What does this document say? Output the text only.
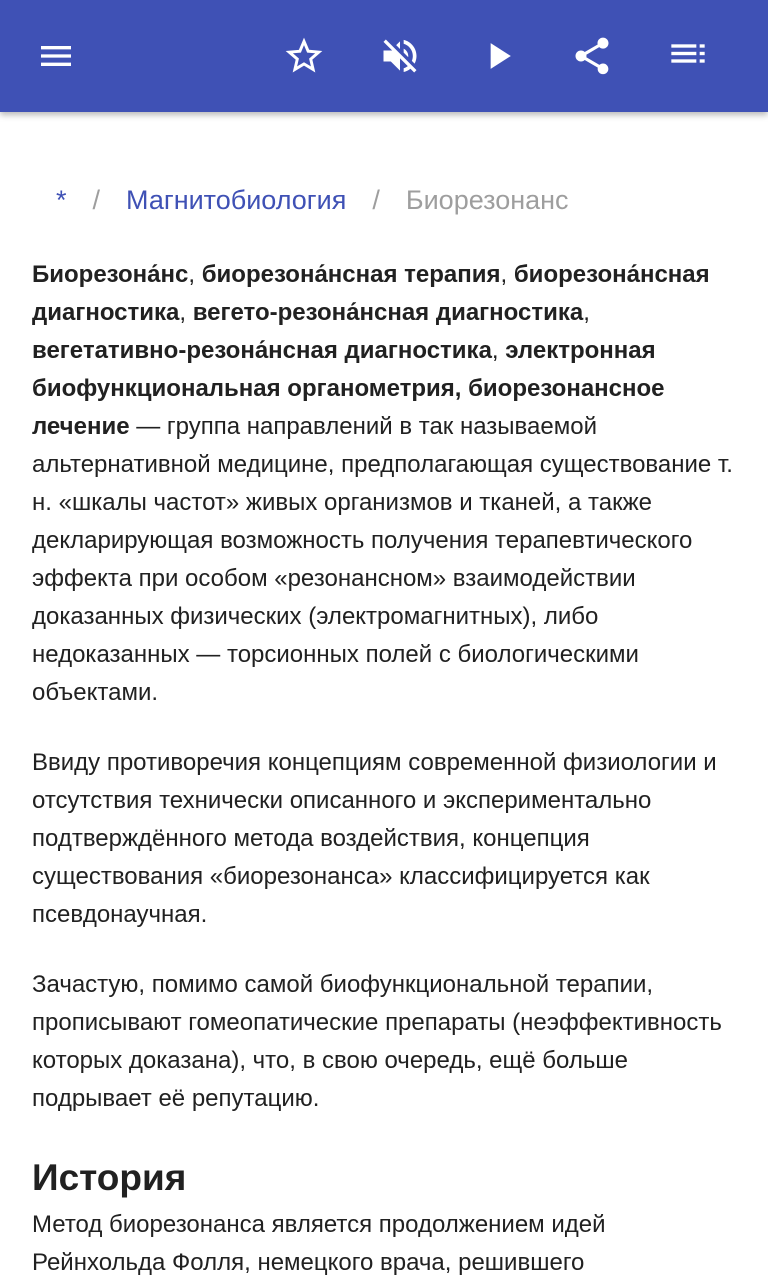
* / Магнитобиология / Биорезонанс

Биорезона́нс, биорезона́нсная терапия, биорезона́нсная диагностика, вегето-резона́нсная диагностика, вегетативно-резона́нсная диагностика, электронная биофункциональная органометрия, биорезонансное лечение — группа направлений в так называемой альтернативной медицине, предполагающая существование т. н. «шкалы частот» живых организмов и тканей, а также декларирующая возможность получения терапевтического эффекта при особом «резонансном» взаимодействии доказанных физических (электромагнитных), либо недоказанных — торсионных полей с биологическими объектами.

Ввиду противоречия концепциям современной физиологии и отсутствия технически описанного и экспериментально подтверждённого метода воздействия, концепция существования «биорезонанса» классифицируется как псевдонаучная.

Зачастую, помимо самой биофункциональной терапии, прописывают гомеопатические препараты (неэффективность которых доказана), что, в свою очередь, ещё больше подрывает её репутацию.

История

Метод биорезонанса является продолжением идей Рейнхольда Фолля, немецкого врача, решившего
